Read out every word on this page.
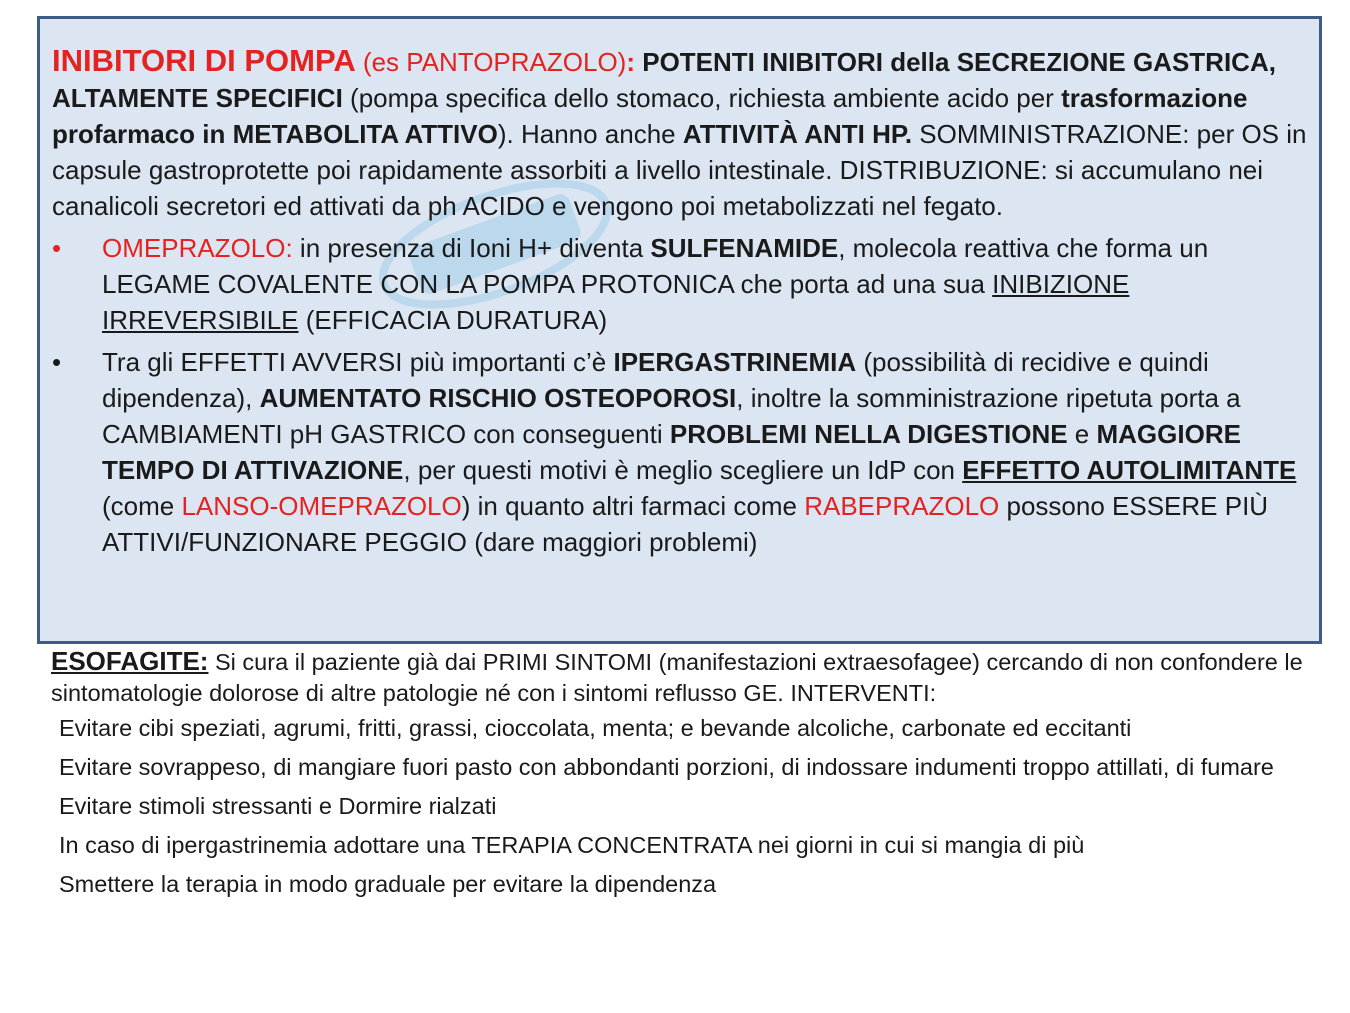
INIBITORI DI POMPA (es PANTOPRAZOLO): POTENTI INIBITORI della SECREZIONE GASTRICA, ALTAMENTE SPECIFICI (pompa specifica dello stomaco, richiesta ambiente acido per trasformazione profarmaco in METABOLITA ATTIVO). Hanno anche ATTIVITÀ ANTI HP. SOMMINISTRAZIONE: per OS in capsule gastroprotette poi rapidamente assorbiti a livello intestinale. DISTRIBUZIONE: si accumulano nei canalicoli secretori ed attivati da ph ACIDO e vengono poi metabolizzati nel fegato.

•	OMEPRAZOLO: in presenza di Ioni H+ diventa SULFENAMIDE, molecola reattiva che forma un LEGAME COVALENTE CON LA POMPA PROTONICA che porta ad una sua INIBIZIONE IRREVERSIBILE (EFFICACIA DURATURA)
•	Tra gli EFFETTI AVVERSI più importanti c’è IPERGASTRINEMIA (possibilità di recidive e quindi dipendenza), AUMENTATO RISCHIO OSTEOPOROSI, inoltre la somministrazione ripetuta porta a CAMBIAMENTI pH GASTRICO con conseguenti PROBLEMI NELLA DIGESTIONE e MAGGIORE TEMPO DI ATTIVAZIONE, per questi motivi è meglio scegliere un IdP con EFFETTO AUTOLIMITANTE (come LANSO-OMEPRAZOLO) in quanto altri farmaci come RABEPRAZOLO possono ESSERE PIÙ ATTIVI/FUNZIONARE PEGGIO (dare maggiori problemi)

ESOFAGITE: Si cura il paziente già dai PRIMI SINTOMI (manifestazioni extraesofagee) cercando di non confondere le sintomatologie dolorose di altre patologie né con i sintomi reflusso GE. INTERVENTI:

Evitare cibi speziati, agrumi, fritti, grassi, cioccolata, menta; e bevande alcoliche, carbonate ed eccitanti
Evitare sovrappeso, di mangiare fuori pasto con abbondanti porzioni, di indossare indumenti troppo attillati, di fumare
Evitare stimoli stressanti e Dormire rialzati
In caso di ipergastrinemia adottare una TERAPIA CONCENTRATA nei giorni in cui si mangia di più
Smettere la terapia in modo graduale per evitare la dipendenza
